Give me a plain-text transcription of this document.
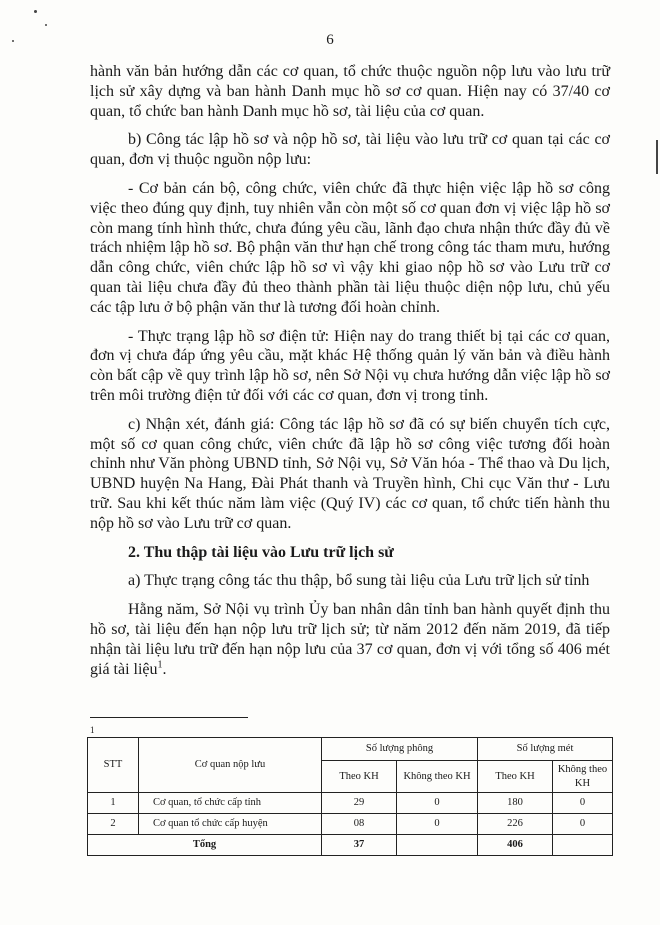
6

hành văn bản hướng dẫn các cơ quan, tổ chức thuộc nguồn nộp lưu vào lưu trữ lịch sử xây dựng và ban hành Danh mục hồ sơ cơ quan. Hiện nay có 37/40 cơ quan, tổ chức ban hành Danh mục hồ sơ, tài liệu của cơ quan.

b) Công tác lập hồ sơ và nộp hồ sơ, tài liệu vào lưu trữ cơ quan tại các cơ quan, đơn vị thuộc nguồn nộp lưu:

- Cơ bản cán bộ, công chức, viên chức đã thực hiện việc lập hồ sơ công việc theo đúng quy định, tuy nhiên vẫn còn một số cơ quan đơn vị việc lập hồ sơ còn mang tính hình thức, chưa đúng yêu cầu, lãnh đạo chưa nhận thức đầy đủ về trách nhiệm lập hồ sơ. Bộ phận văn thư hạn chế trong công tác tham mưu, hướng dẫn công chức, viên chức lập hồ sơ vì vậy khi giao nộp hồ sơ vào Lưu trữ cơ quan tài liệu chưa đầy đủ theo thành phần tài liệu thuộc diện nộp lưu, chủ yếu các tập lưu ở bộ phận văn thư là tương đối hoàn chỉnh.

- Thực trạng lập hồ sơ điện tử: Hiện nay do trang thiết bị tại các cơ quan, đơn vị chưa đáp ứng yêu cầu, mặt khác Hệ thống quản lý văn bản và điều hành còn bất cập về quy trình lập hồ sơ, nên Sở Nội vụ chưa hướng dẫn việc lập hồ sơ trên môi trường điện tử đối với các cơ quan, đơn vị trong tỉnh.

c) Nhận xét, đánh giá: Công tác lập hồ sơ đã có sự biến chuyển tích cực, một số cơ quan công chức, viên chức đã lập hồ sơ công việc tương đối hoàn chỉnh như Văn phòng UBND tỉnh, Sở Nội vụ, Sở Văn hóa - Thể thao và Du lịch, UBND huyện Na Hang, Đài Phát thanh và Truyền hình, Chi cục Văn thư - Lưu trữ. Sau khi kết thúc năm làm việc (Quý IV) các cơ quan, tổ chức tiến hành thu nộp hồ sơ vào Lưu trữ cơ quan.

2. Thu thập tài liệu vào Lưu trữ lịch sử

a) Thực trạng công tác thu thập, bổ sung tài liệu của Lưu trữ lịch sử tỉnh

Hằng năm, Sở Nội vụ trình Ủy ban nhân dân tỉnh ban hành quyết định thu hồ sơ, tài liệu đến hạn nộp lưu trữ lịch sử; từ năm 2012 đến năm 2019, đã tiếp nhận tài liệu lưu trữ đến hạn nộp lưu của 37 cơ quan, đơn vị với tổng số 406 mét giá tài liệu$^1$.

1
STT	Cơ quan nộp lưu	Số lượng phông		Số lượng mét	
		Theo KH	Không theo KH	Theo KH	Không theo KH
1	Cơ quan, tổ chức cấp tỉnh	29	0	180	0
2	Cơ quan tổ chức cấp huyện	08	0	226	0
Tổng		37		406	
